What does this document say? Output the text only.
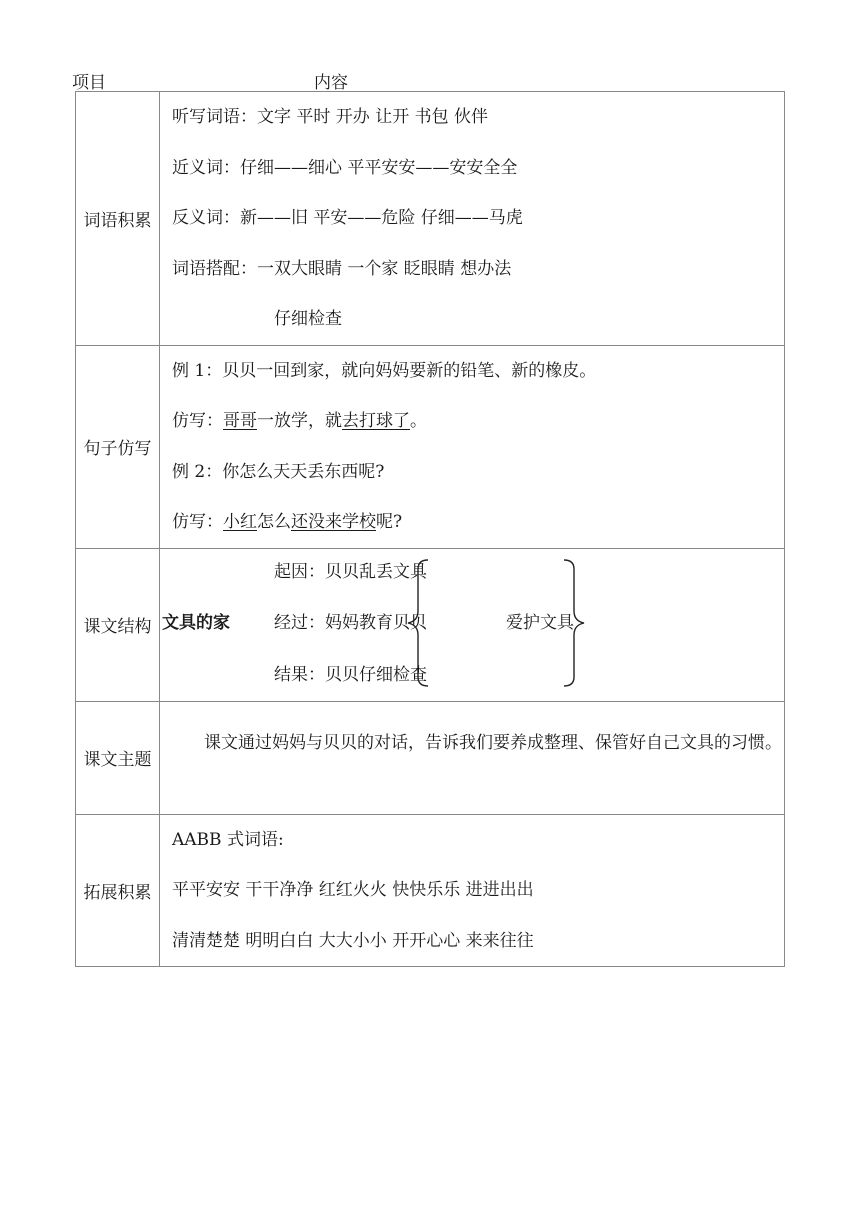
项目	内容
词语积累	听写词语：文字 平时 开办 让开 书包 伙伴
近义词：仔细——细心 平平安安——安安全全
反义词：新——旧 平安——危险 仔细——马虎
词语搭配：一双大眼睛 一个家 眨眼睛 想办法
仔细检查

句子仿写	例 1：贝贝一回到家，就向妈妈要新的铅笔、新的橡皮。
仿写：哥哥一放学，就去打球了。
例 2：你怎么天天丢东西呢?
仿写：小红怎么还没来学校呢?

课文结构	文具的家
起因：贝贝乱丢文具
经过：妈妈教育贝贝
结果：贝贝仔细检查
爱护文具

课文主题	课文通过妈妈与贝贝的对话，告诉我们要养成整理、保管好自己文具的习惯。

拓展积累	AABB 式词语:
平平安安 干干净净 红红火火 快快乐乐 进进出出
清清楚楚 明明白白 大大小小 开开心心 来来往往
